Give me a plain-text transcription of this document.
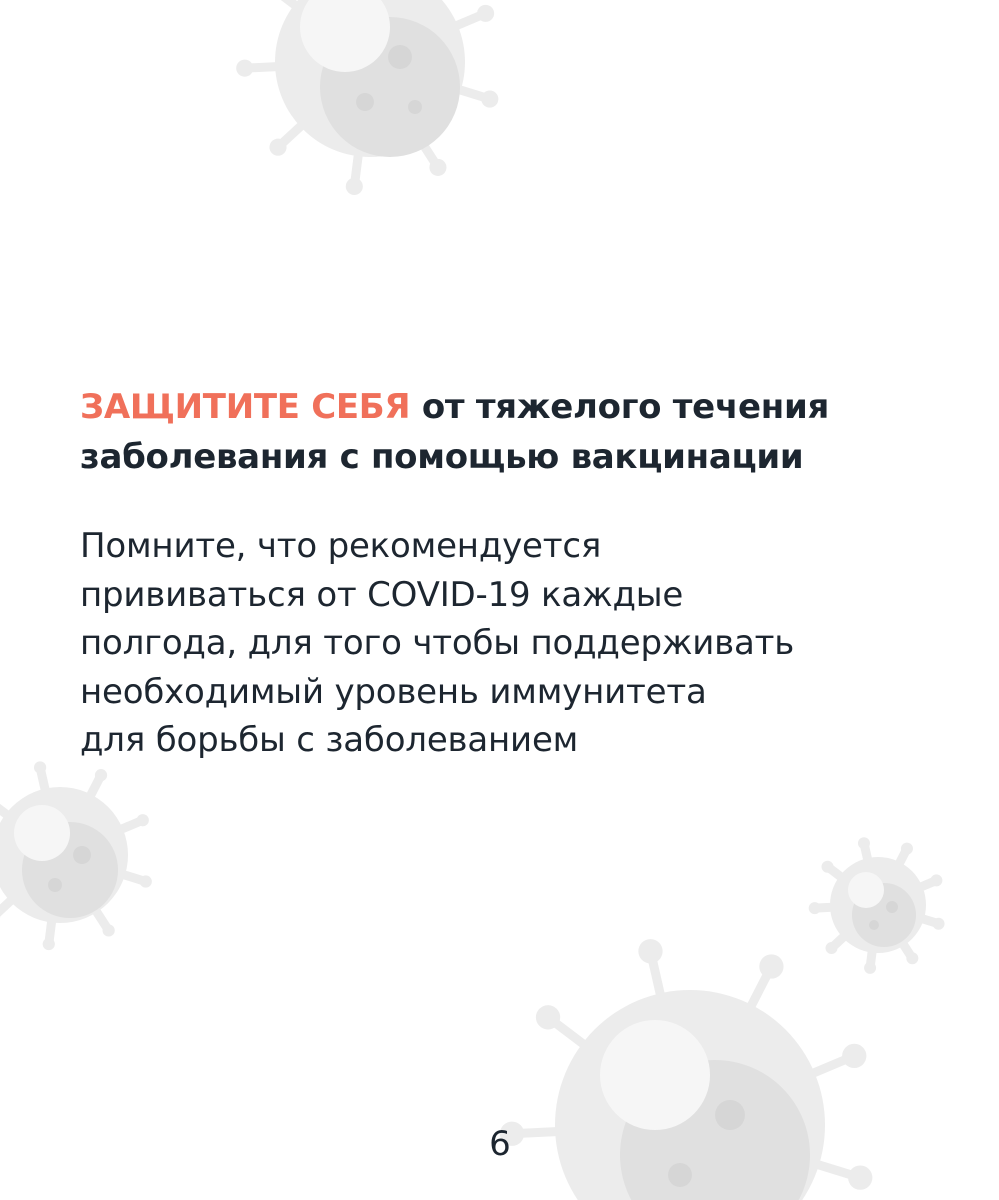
ЗАЩИТИТЕ СЕБЯ от тяжелого течения заболевания с помощью вакцинации
Помните, что рекомендуется
прививаться от COVID-19 каждые
полгода, для того чтобы поддерживать
необходимый уровень иммунитета
для борьбы с заболеванием
6
